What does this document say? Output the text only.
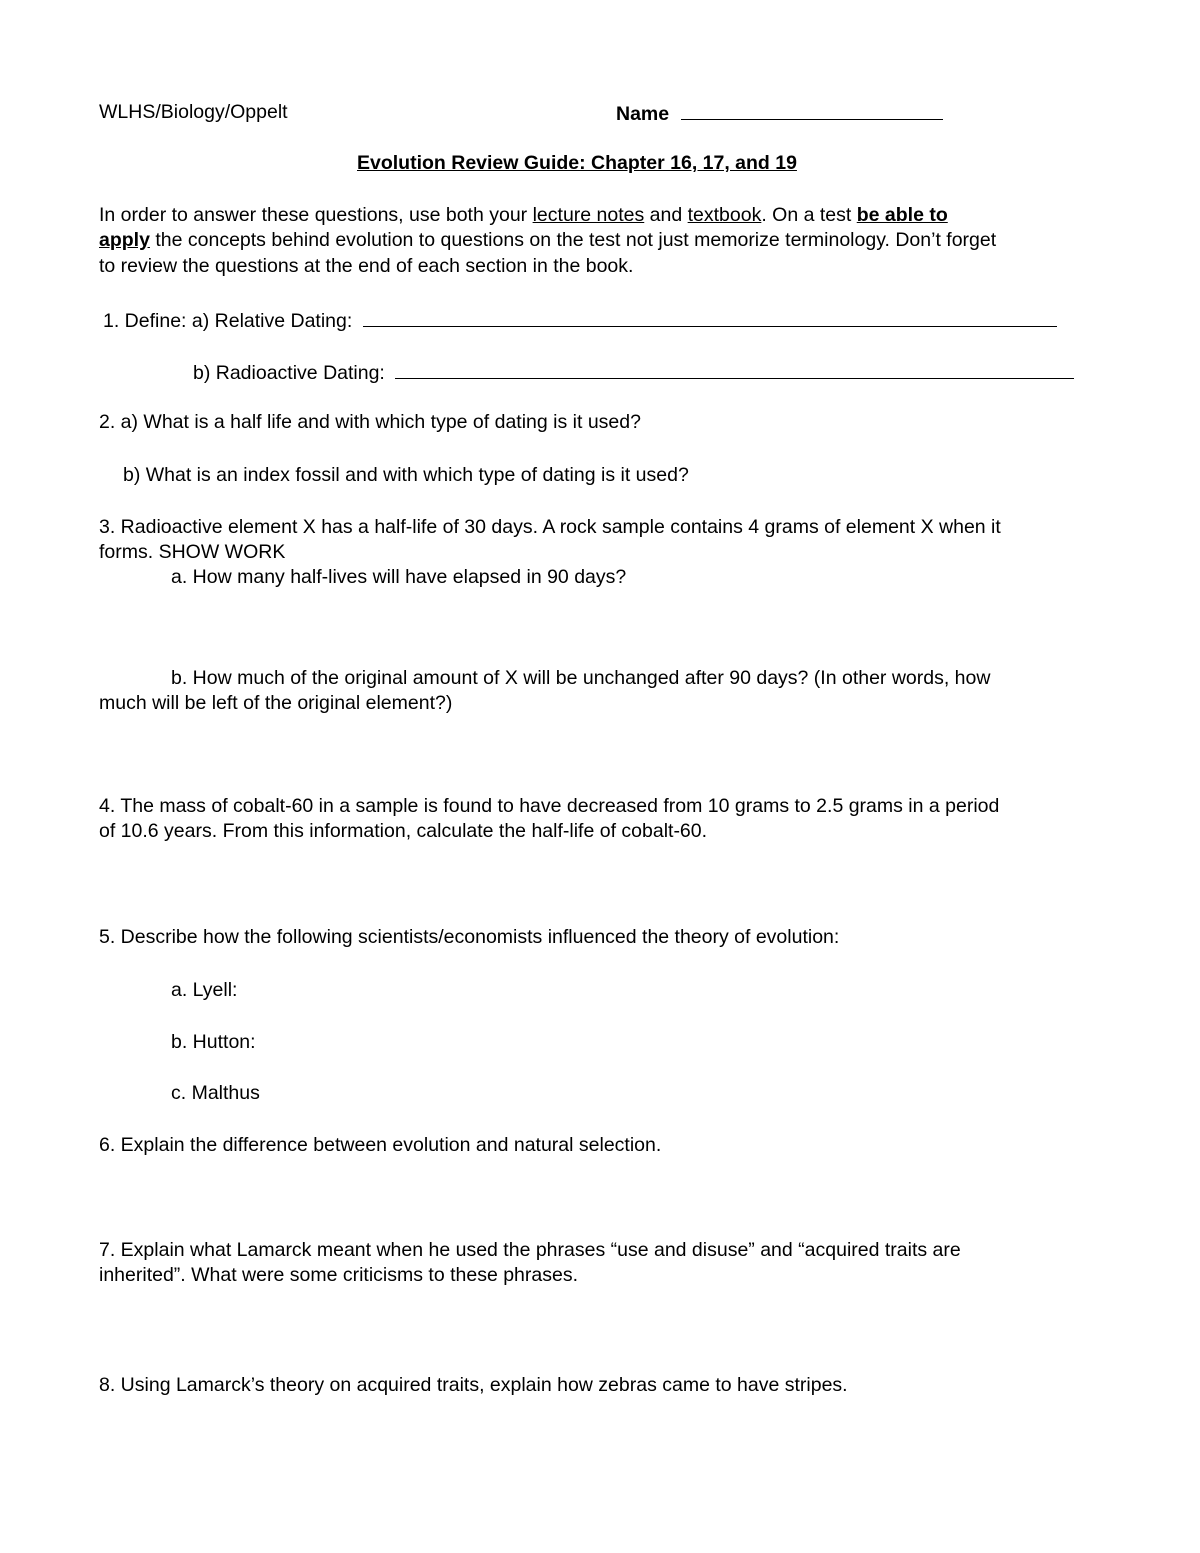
WLHS/Biology/Oppelt	Name
Evolution Review Guide: Chapter 16, 17, and 19
In order to answer these questions, use both your lecture notes and textbook. On a test be able to
apply the concepts behind evolution to questions on the test not just memorize terminology. Don’t forget
to review the questions at the end of each section in the book.
1. Define: a) Relative Dating:
b) Radioactive Dating:
2. a) What is a half life and with which type of dating is it used?
b) What is an index fossil and with which type of dating is it used?
3. Radioactive element X has a half-life of 30 days. A rock sample contains 4 grams of element X when it
forms. SHOW WORK
a. How many half-lives will have elapsed in 90 days?
b. How much of the original amount of X will be unchanged after 90 days? (In other words, how
much will be left of the original element?)
4. The mass of cobalt-60 in a sample is found to have decreased from 10 grams to 2.5 grams in a period
of 10.6 years. From this information, calculate the half-life of cobalt-60.
5. Describe how the following scientists/economists influenced the theory of evolution:
a. Lyell:
b. Hutton:
c. Malthus
6. Explain the difference between evolution and natural selection.
7. Explain what Lamarck meant when he used the phrases “use and disuse” and “acquired traits are
inherited”. What were some criticisms to these phrases.
8. Using Lamarck’s theory on acquired traits, explain how zebras came to have stripes.
